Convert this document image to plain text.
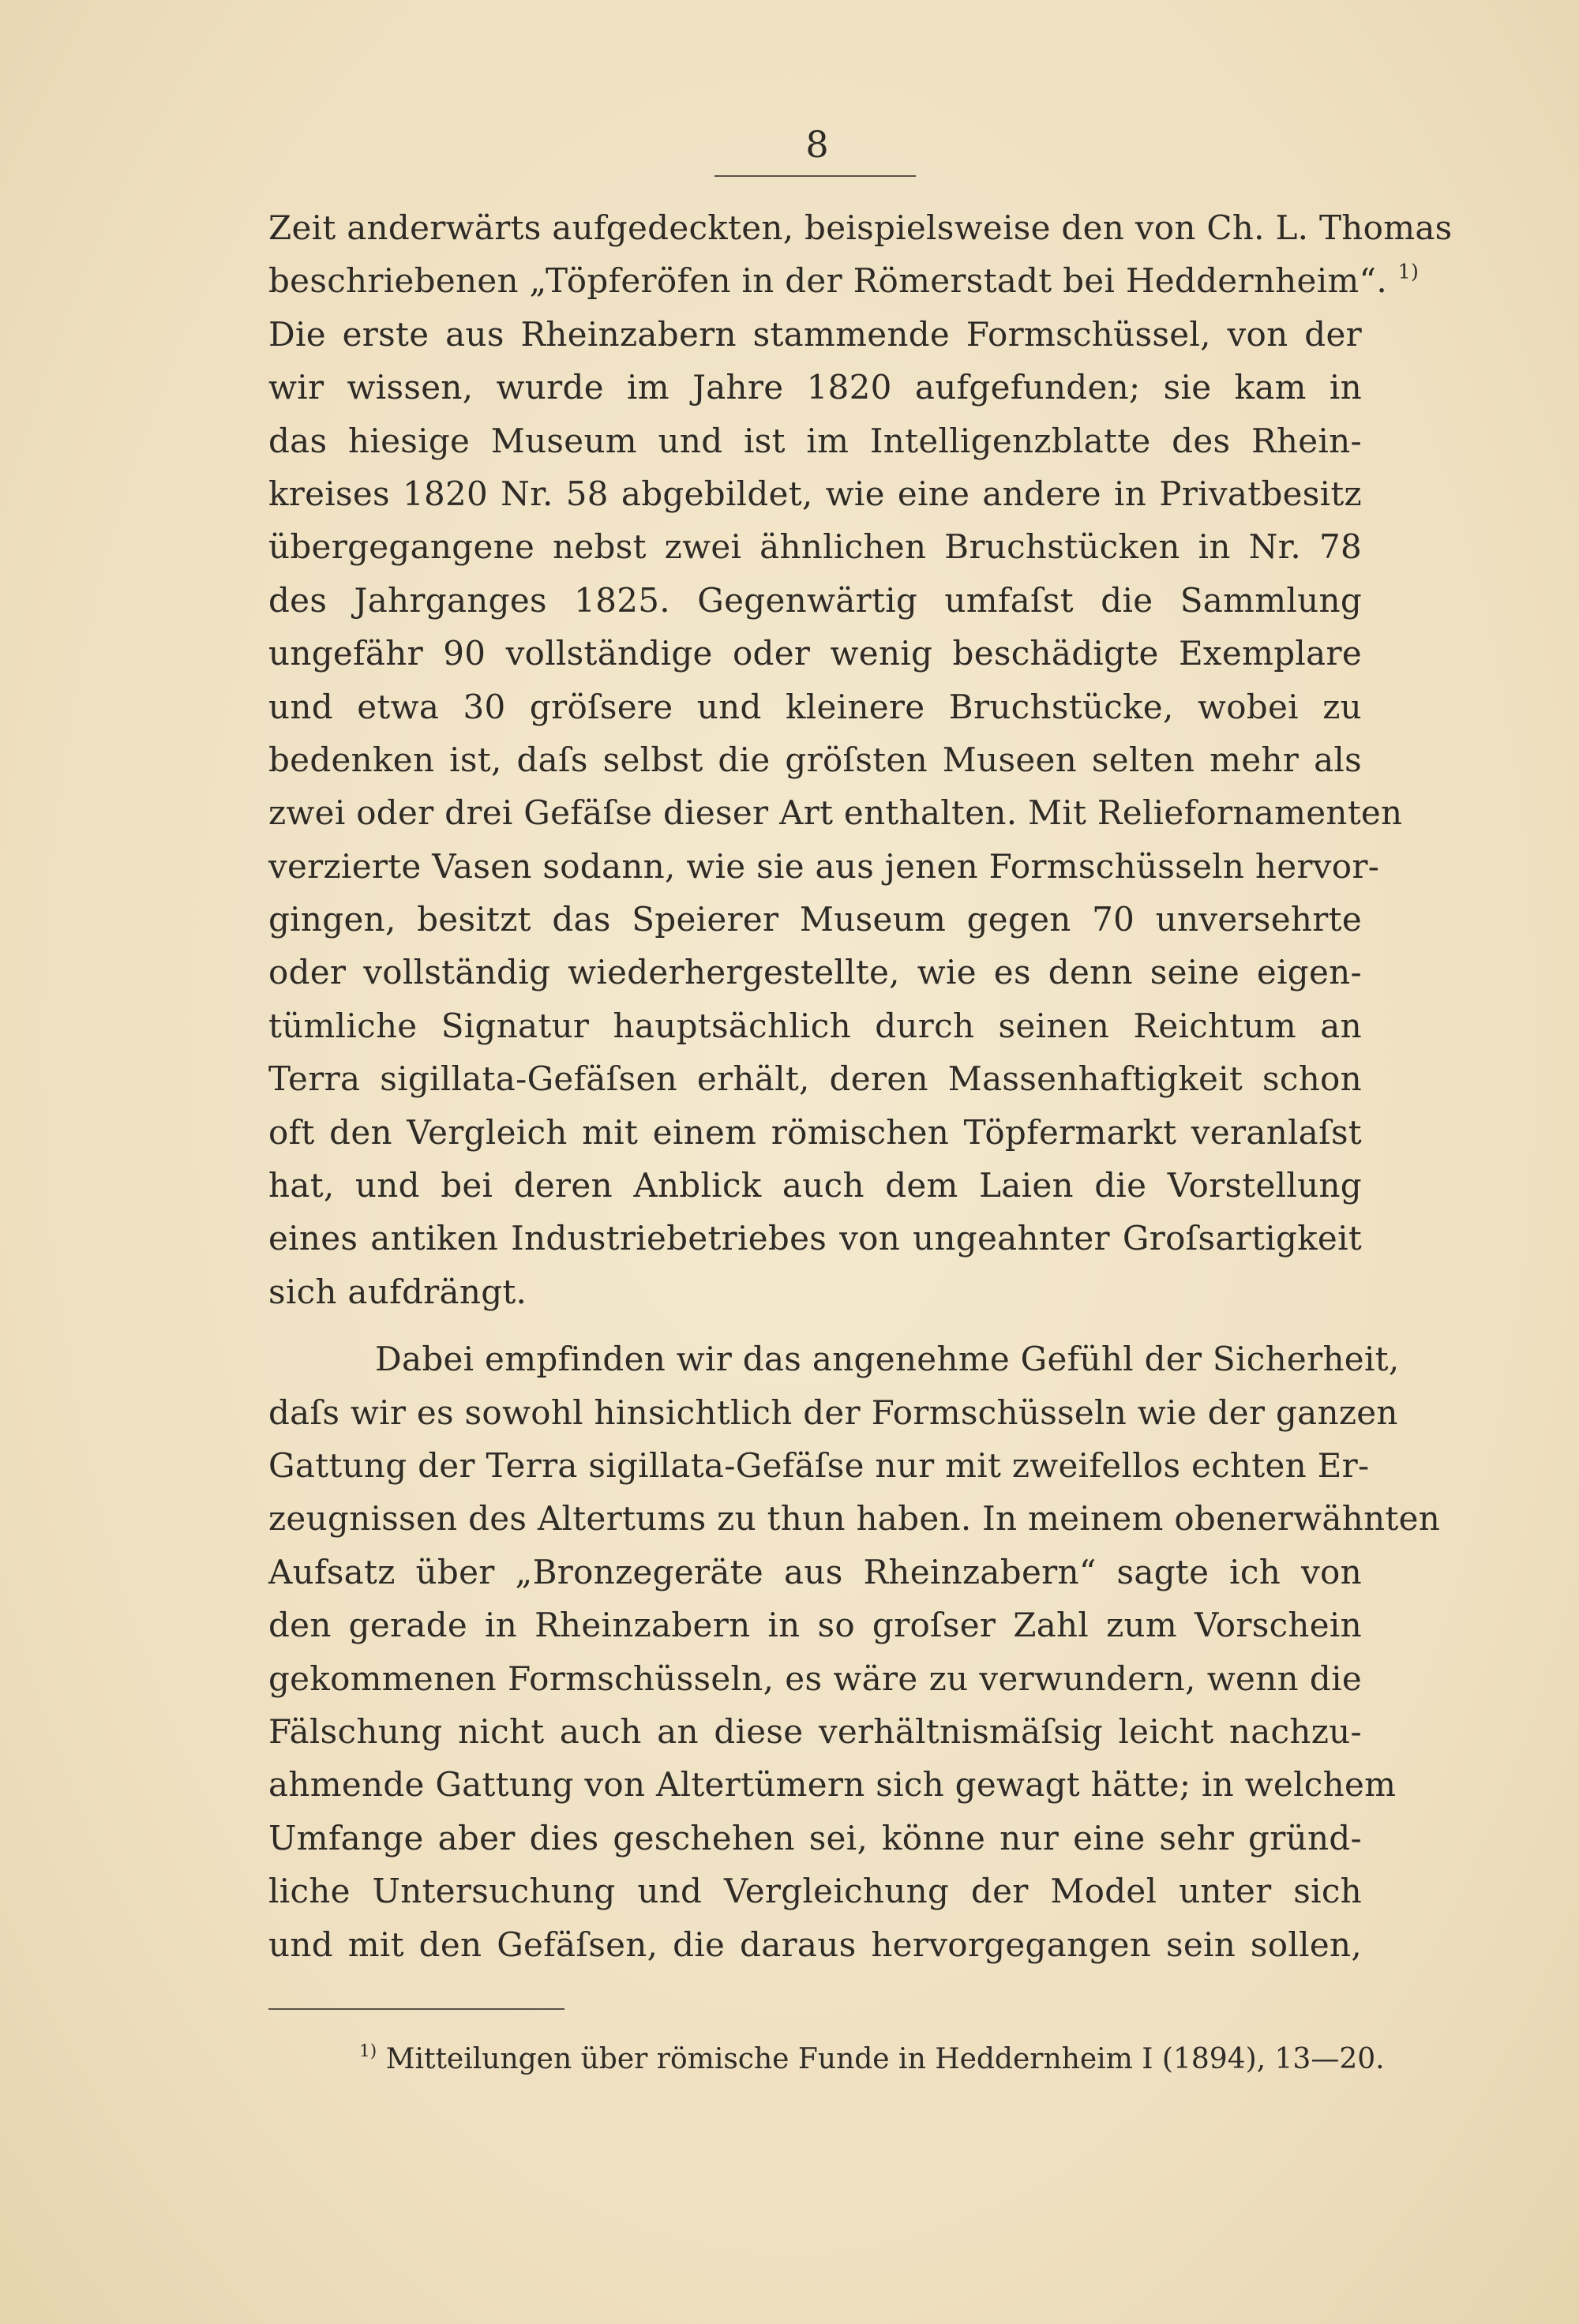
8
Zeit anderwärts aufgedeckten, beispielsweise den von Ch. L. Thomas
beschriebenen „Töpferöfen in der Römerstadt bei Heddernheim“. $^{1)}$
Die erste aus Rheinzabern stammende Formschüssel, von der
wir wissen, wurde im Jahre 1820 aufgefunden; sie kam in
das hiesige Museum und ist im Intelligenzblatte des Rhein-
kreises 1820 Nr. 58 abgebildet, wie eine andere in Privatbesitz
übergegangene nebst zwei ähnlichen Bruchstücken in Nr. 78
des Jahrganges 1825. Gegenwärtig umfaſst die Sammlung
ungefähr 90 vollständige oder wenig beschädigte Exemplare
und etwa 30 gröſsere und kleinere Bruchstücke, wobei zu
bedenken ist, daſs selbst die gröſsten Museen selten mehr als
zwei oder drei Gefäſse dieser Art enthalten. Mit Reliefornamenten
verzierte Vasen sodann, wie sie aus jenen Formschüsseln hervor-
gingen, besitzt das Speierer Museum gegen 70 unversehrte
oder vollständig wiederhergestellte, wie es denn seine eigen-
tümliche Signatur hauptsächlich durch seinen Reichtum an
Terra sigillata-Gefäſsen erhält, deren Massenhaftigkeit schon
oft den Vergleich mit einem römischen Töpfermarkt veranlaſst
hat, und bei deren Anblick auch dem Laien die Vorstellung
eines antiken Industriebetriebes von ungeahnter Groſsartigkeit
sich aufdrängt.
Dabei empfinden wir das angenehme Gefühl der Sicherheit,
daſs wir es sowohl hinsichtlich der Formschüsseln wie der ganzen
Gattung der Terra sigillata-Gefäſse nur mit zweifellos echten Er-
zeugnissen des Altertums zu thun haben. In meinem obenerwähnten
Aufsatz über „Bronzegeräte aus Rheinzabern“ sagte ich von
den gerade in Rheinzabern in so groſser Zahl zum Vorschein
gekommenen Formschüsseln, es wäre zu verwundern, wenn die
Fälschung nicht auch an diese verhältnismäſsig leicht nachzu-
ahmende Gattung von Altertümern sich gewagt hätte; in welchem
Umfange aber dies geschehen sei, könne nur eine sehr gründ-
liche Untersuchung und Vergleichung der Model unter sich
und mit den Gefäſsen, die daraus hervorgegangen sein sollen,
$^{1)}$ Mitteilungen über römische Funde in Heddernheim I (1894), 13—20.
